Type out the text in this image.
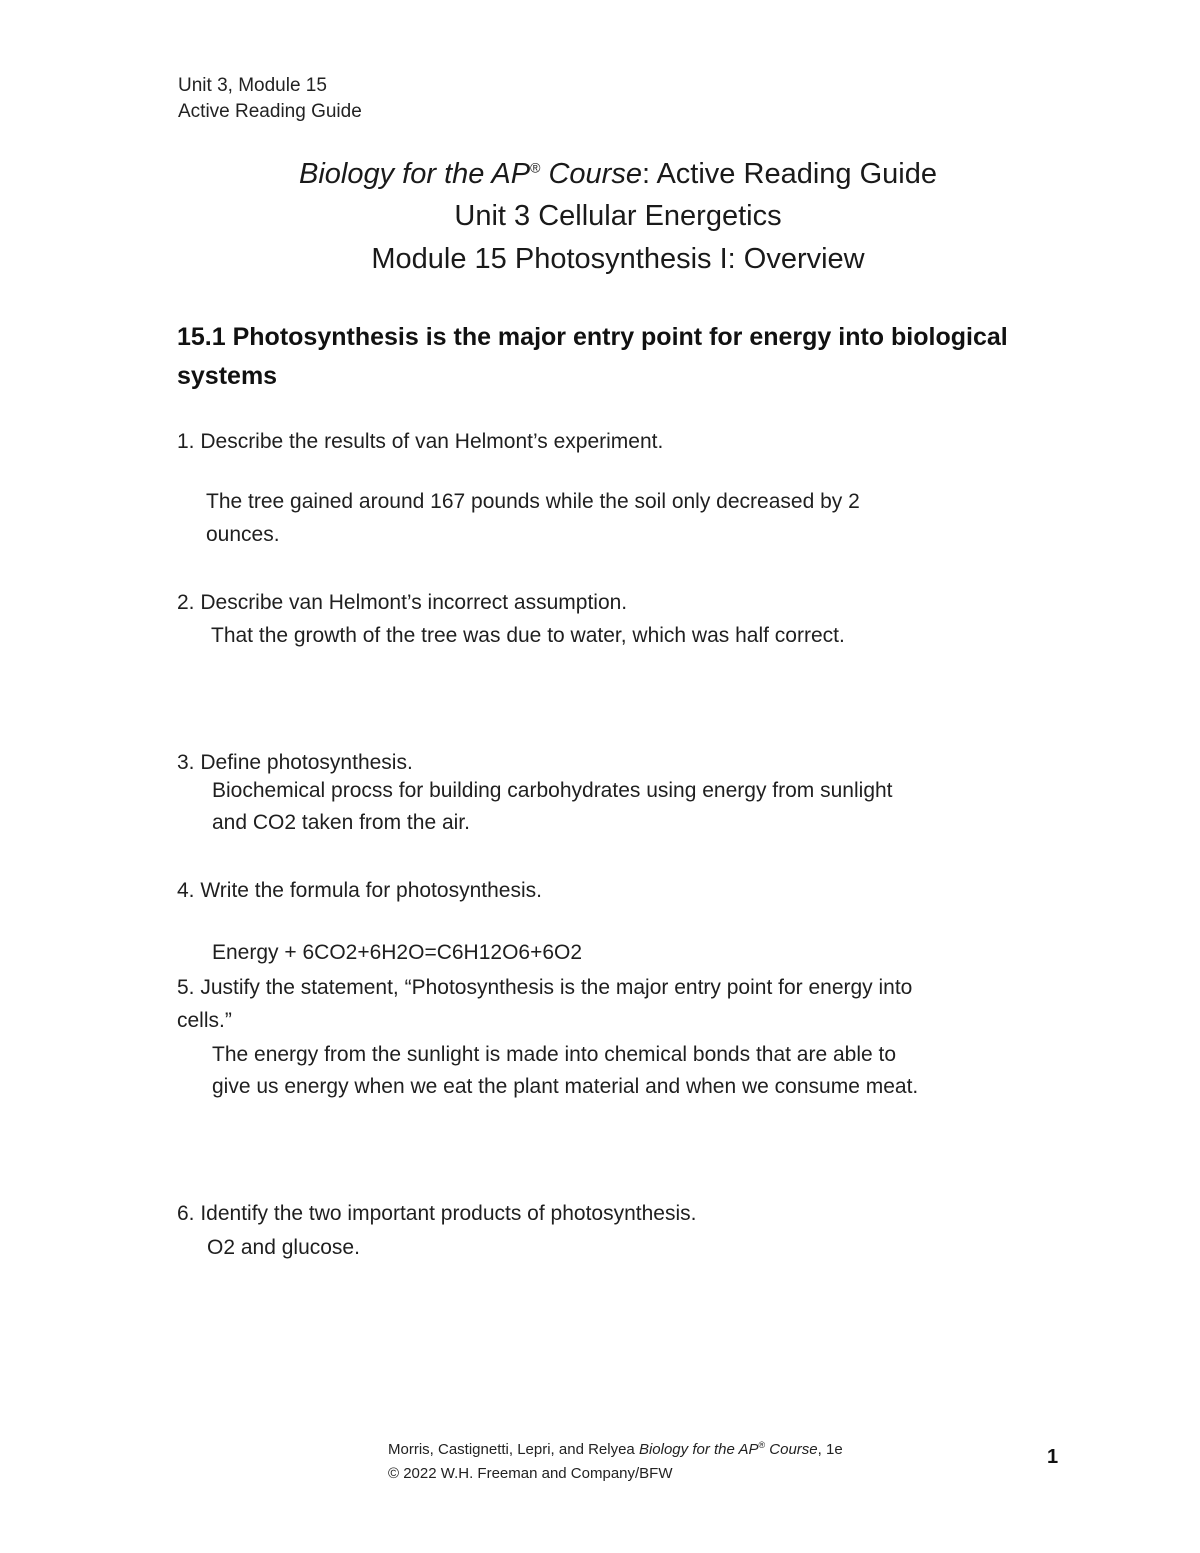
Unit 3, Module 15
Active Reading Guide
Biology for the AP® Course: Active Reading Guide
Unit 3 Cellular Energetics
Module 15 Photosynthesis I: Overview
15.1 Photosynthesis is the major entry point for energy into biological
systems
1. Describe the results of van Helmont’s experiment.
The tree gained around 167 pounds while the soil only decreased by 2
ounces.
2. Describe van Helmont’s incorrect assumption.
That the growth of the tree was due to water, which was half correct.
3. Define photosynthesis.
Biochemical procss for building carbohydrates using energy from sunlight
and CO2 taken from the air.
4. Write the formula for photosynthesis.
Energy + 6CO2+6H2O=C6H12O6+6O2
5. Justify the statement, “Photosynthesis is the major entry point for energy into
cells.”
The energy from the sunlight is made into chemical bonds that are able to
give us energy when we eat the plant material and when we consume meat.
6. Identify the two important products of photosynthesis.
O2 and glucose.
Morris, Castignetti, Lepri, and Relyea Biology for the AP® Course, 1e
© 2022 W.H. Freeman and Company/BFW
1
